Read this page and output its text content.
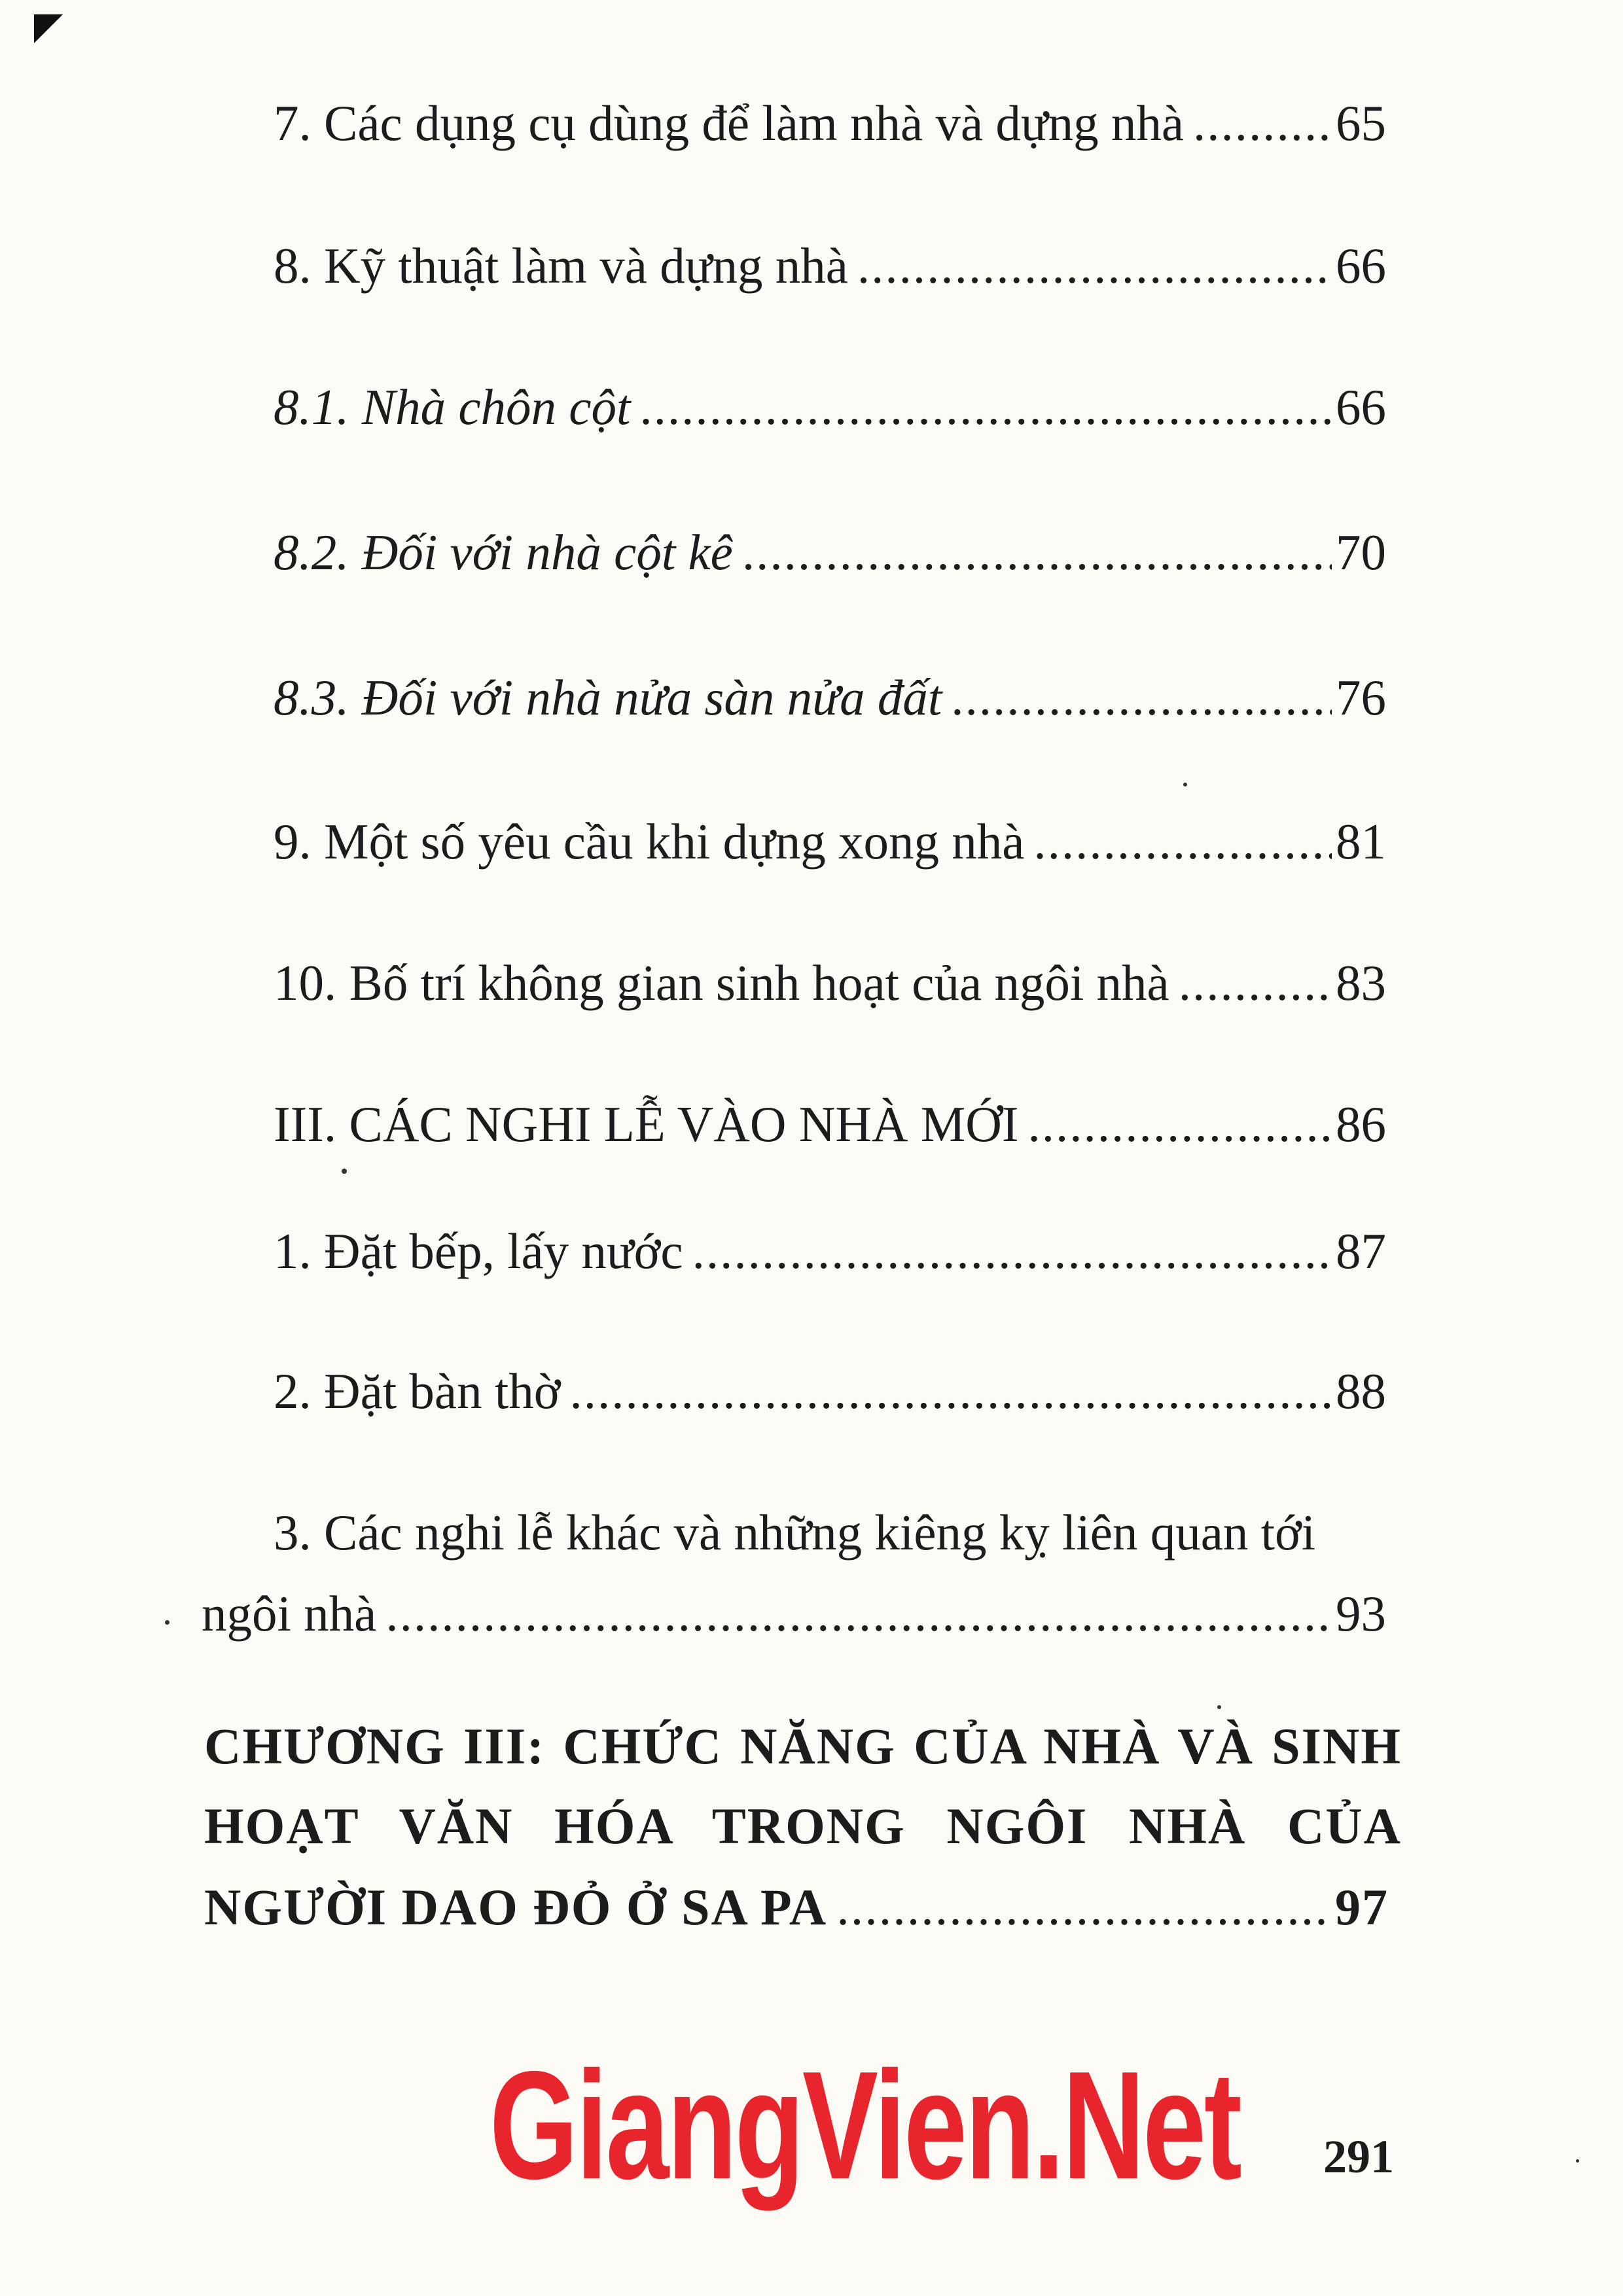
7. Các dụng cụ dùng để làm nhà và dựng nhà .....	65
8. Kỹ thuật làm và dựng nhà .....	66
8.1. Nhà chôn cột .....	66
8.2. Đối với nhà cột kê .....	70
8.3. Đối với nhà nửa sàn nửa đất .....	76
9. Một số yêu cầu khi dựng xong nhà .....	81
10. Bố trí không gian sinh hoạt của ngôi nhà .....	83
III. CÁC NGHI LỄ VÀO NHÀ MỚI .....	86
1. Đặt bếp, lấy nước .....	87
2. Đặt bàn thờ .....	88
3. Các nghi lễ khác và những kiêng kỵ liên quan tới
ngôi nhà .....	93
CHƯƠNG III: CHỨC NĂNG CỦA NHÀ VÀ SINH
HOẠT VĂN HÓA TRONG NGÔI NHÀ CỦA
NGƯỜI DAO ĐỎ Ở SA PA .....	97
GiangVien.Net 291
